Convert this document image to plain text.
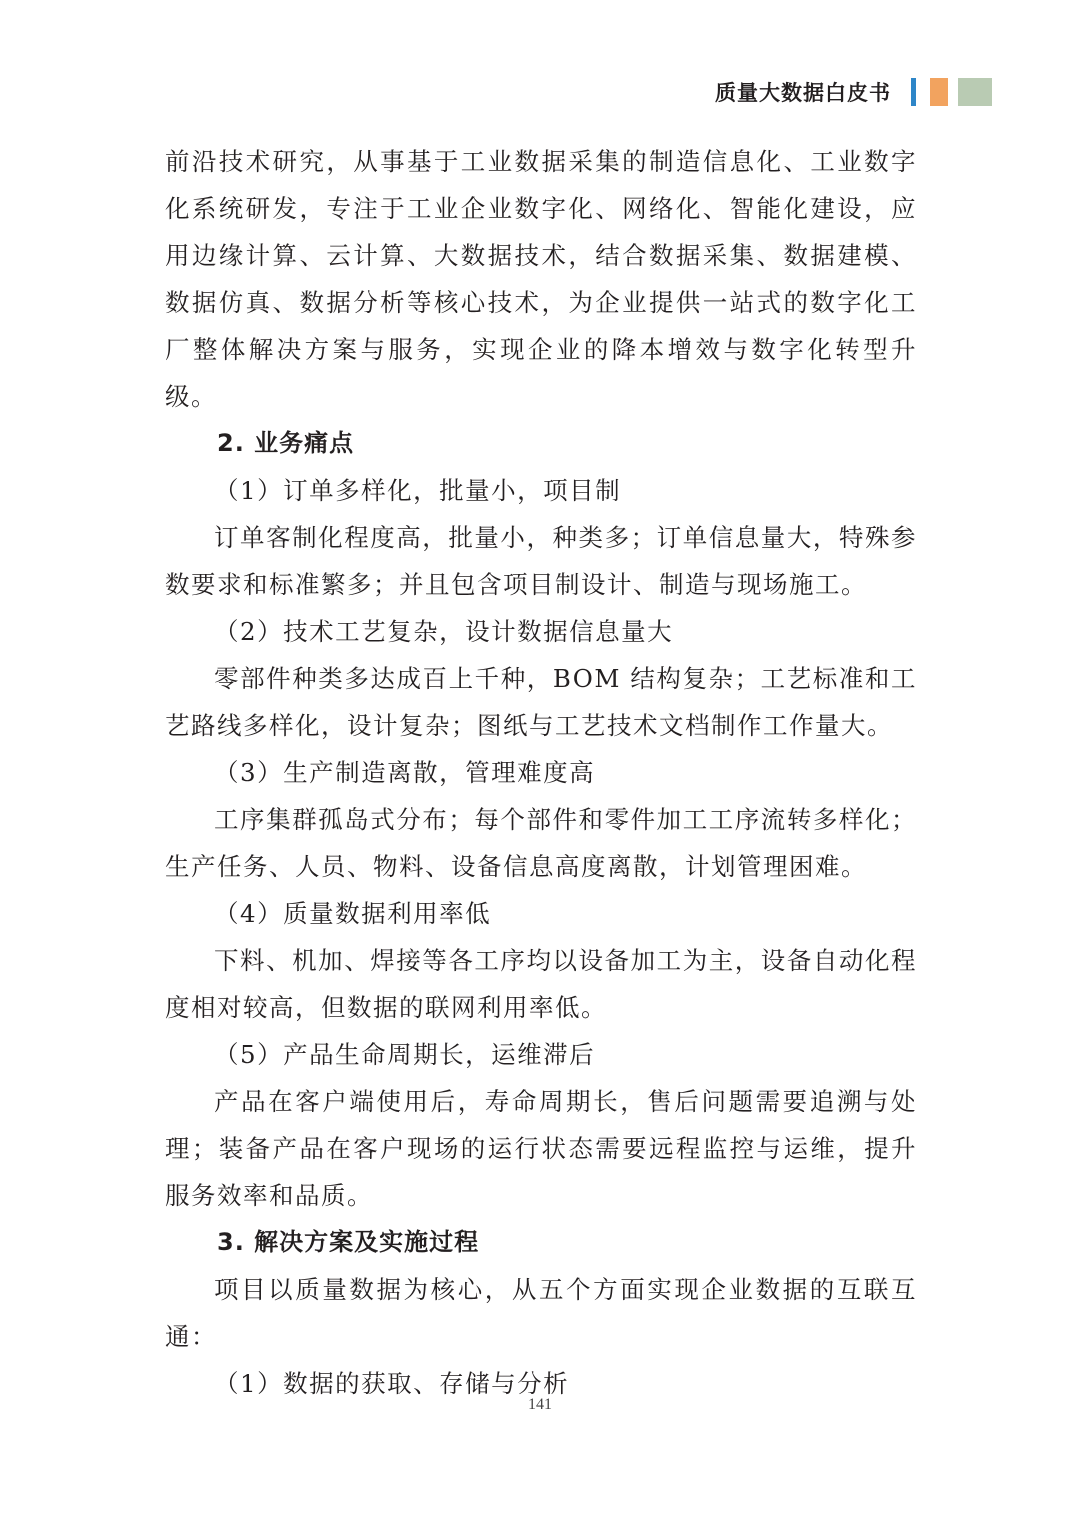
质量大数据白皮书

前沿技术研究，从事基于工业数据采集的制造信息化、工业数字化系统研发，专注于工业企业数字化、网络化、智能化建设，应用边缘计算、云计算、大数据技术，结合数据采集、数据建模、数据仿真、数据分析等核心技术，为企业提供一站式的数字化工厂整体解决方案与服务，实现企业的降本增效与数字化转型升级。

2. 业务痛点

（1）订单多样化，批量小，项目制

订单客制化程度高，批量小，种类多；订单信息量大，特殊参数要求和标准繁多；并且包含项目制设计、制造与现场施工。

（2）技术工艺复杂，设计数据信息量大

零部件种类多达成百上千种，BOM 结构复杂；工艺标准和工艺路线多样化，设计复杂；图纸与工艺技术文档制作工作量大。

（3）生产制造离散，管理难度高

工序集群孤岛式分布；每个部件和零件加工工序流转多样化；生产任务、人员、物料、设备信息高度离散，计划管理困难。

（4）质量数据利用率低

下料、机加、焊接等各工序均以设备加工为主，设备自动化程度相对较高，但数据的联网利用率低。

（5）产品生命周期长，运维滞后

产品在客户端使用后，寿命周期长，售后问题需要追溯与处理；装备产品在客户现场的运行状态需要远程监控与运维，提升服务效率和品质。

3. 解决方案及实施过程

项目以质量数据为核心，从五个方面实现企业数据的互联互通：

（1）数据的获取、存储与分析

141
